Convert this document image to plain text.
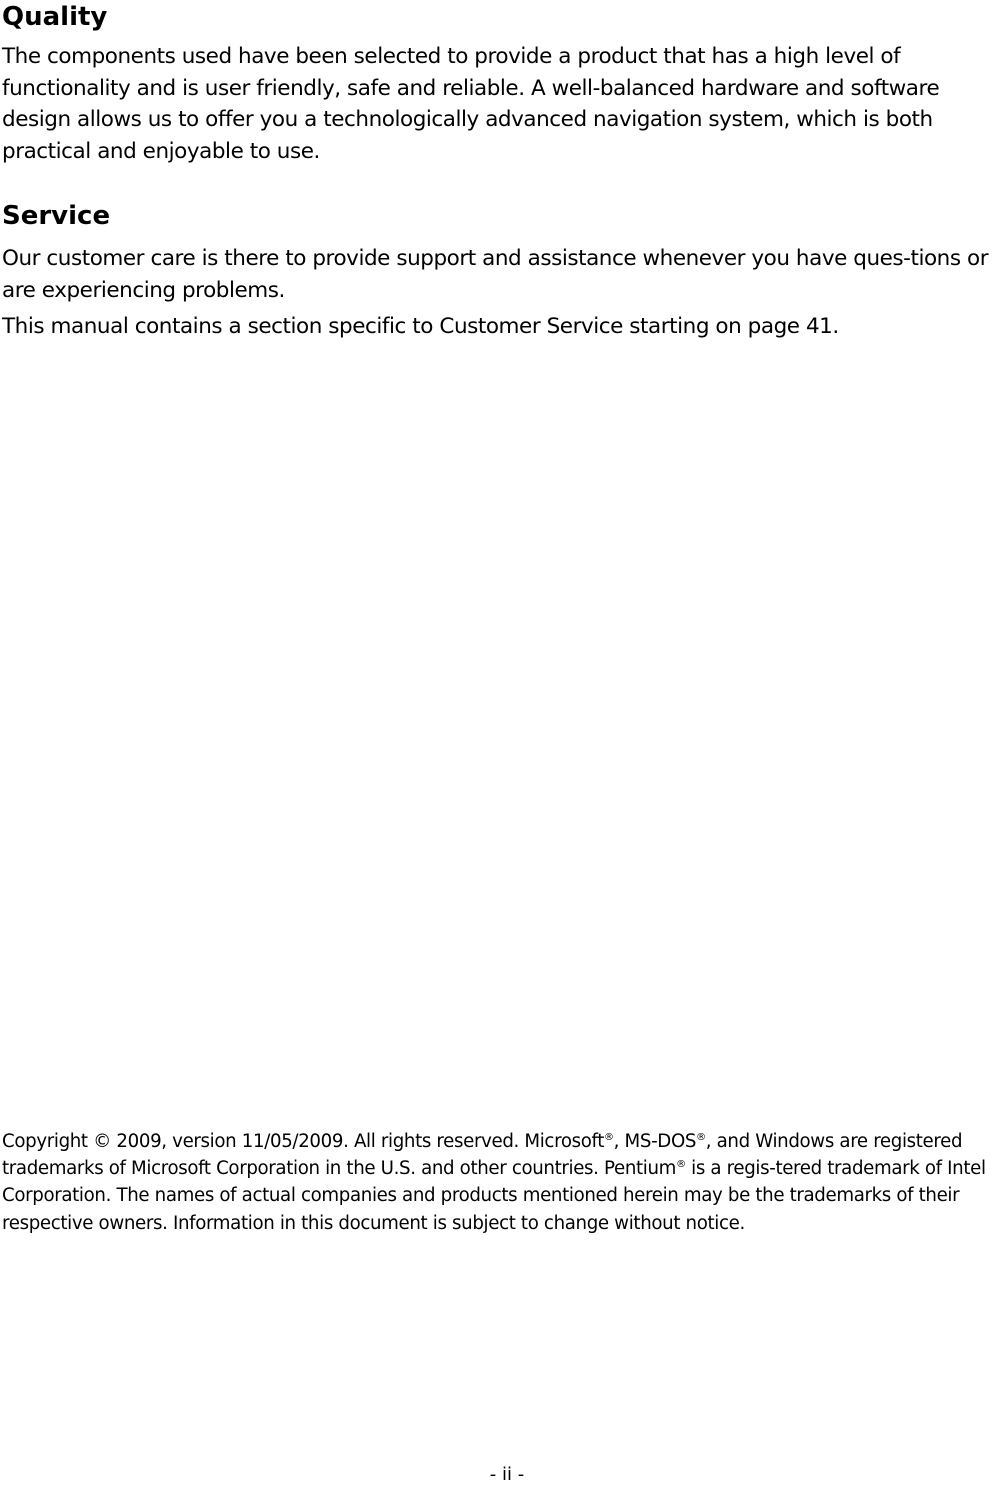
Quality

The components used have been selected to provide a product that has a high level of functionality and is user friendly, safe and reliable. A well-balanced hardware and software design allows us to offer you a technologically advanced navigation system, which is both practical and enjoyable to use.

Service

Our customer care is there to provide support and assistance whenever you have ques-tions or are experiencing problems.

This manual contains a section specific to Customer Service starting on page 41.

Copyright © 2009, version 11/05/2009. All rights reserved. Microsoft®, MS-DOS®, and Windows are registered trademarks of Microsoft Corporation in the U.S. and other countries. Pentium® is a regis-tered trademark of Intel Corporation. The names of actual companies and products mentioned herein may be the trademarks of their respective owners. Information in this document is subject to change without notice.

- ii -
